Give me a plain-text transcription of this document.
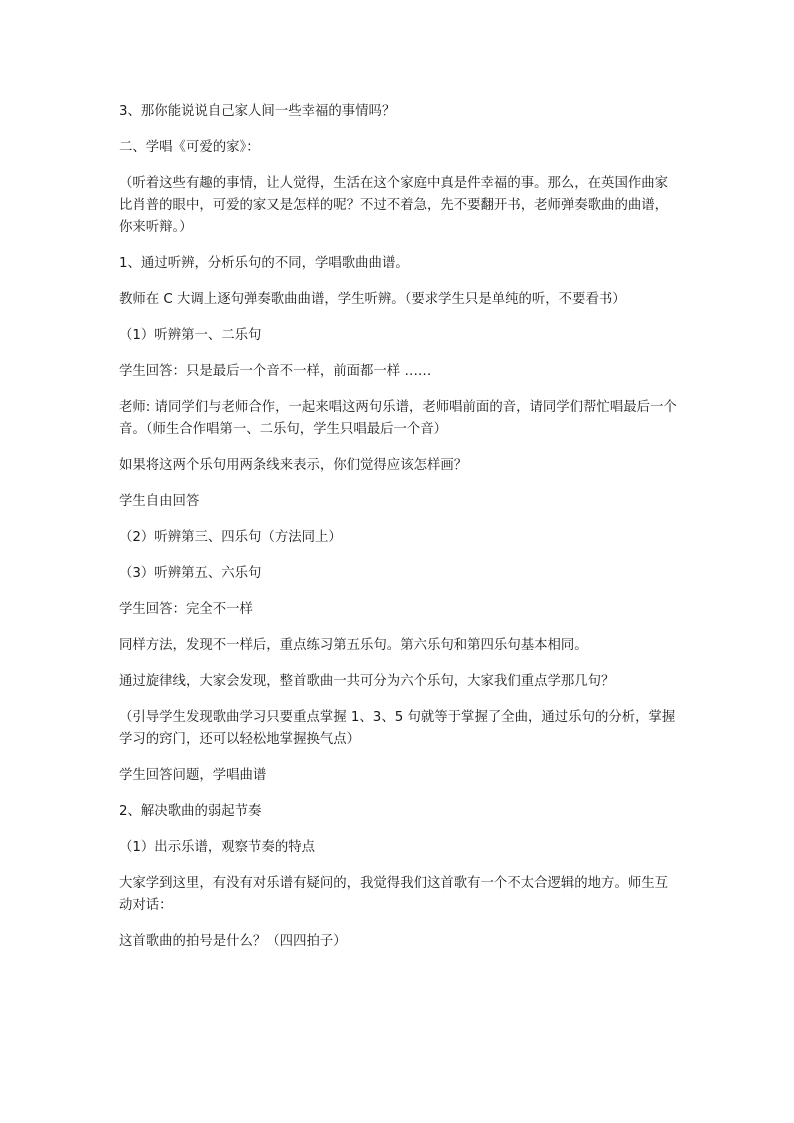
3、那你能说说自己家人间一些幸福的事情吗？

二、学唱《可爱的家》：

（听着这些有趣的事情，让人觉得，生活在这个家庭中真是件幸福的事。那么，在英国作曲家比肖普的眼中，可爱的家又是怎样的呢？不过不着急，先不要翻开书，老师弹奏歌曲的曲谱，你来听辩。）

1、通过听辨，分析乐句的不同，学唱歌曲曲谱。

教师在 C 大调上逐句弹奏歌曲曲谱，学生听辨。（要求学生只是单纯的听，不要看书）

（1）听辨第一、二乐句

学生回答：只是最后一个音不一样，前面都一样 ……

老师: 请同学们与老师合作，一起来唱这两句乐谱，老师唱前面的音，请同学们帮忙唱最后一个音。（师生合作唱第一、二乐句，学生只唱最后一个音）

如果将这两个乐句用两条线来表示，你们觉得应该怎样画？

学生自由回答

（2）听辨第三、四乐句（方法同上）

（3）听辨第五、六乐句

学生回答：完全不一样

同样方法，发现不一样后，重点练习第五乐句。第六乐句和第四乐句基本相同。

通过旋律线，大家会发现，整首歌曲一共可分为六个乐句，大家我们重点学那几句？

（引导学生发现歌曲学习只要重点掌握 1、3、5 句就等于掌握了全曲，通过乐句的分析，掌握学习的窍门，还可以轻松地掌握换气点）

学生回答问题，学唱曲谱

2、解决歌曲的弱起节奏

（1）出示乐谱，观察节奏的特点

大家学到这里，有没有对乐谱有疑问的，我觉得我们这首歌有一个不太合逻辑的地方。师生互动对话：

这首歌曲的拍号是什么？（四四拍子）
